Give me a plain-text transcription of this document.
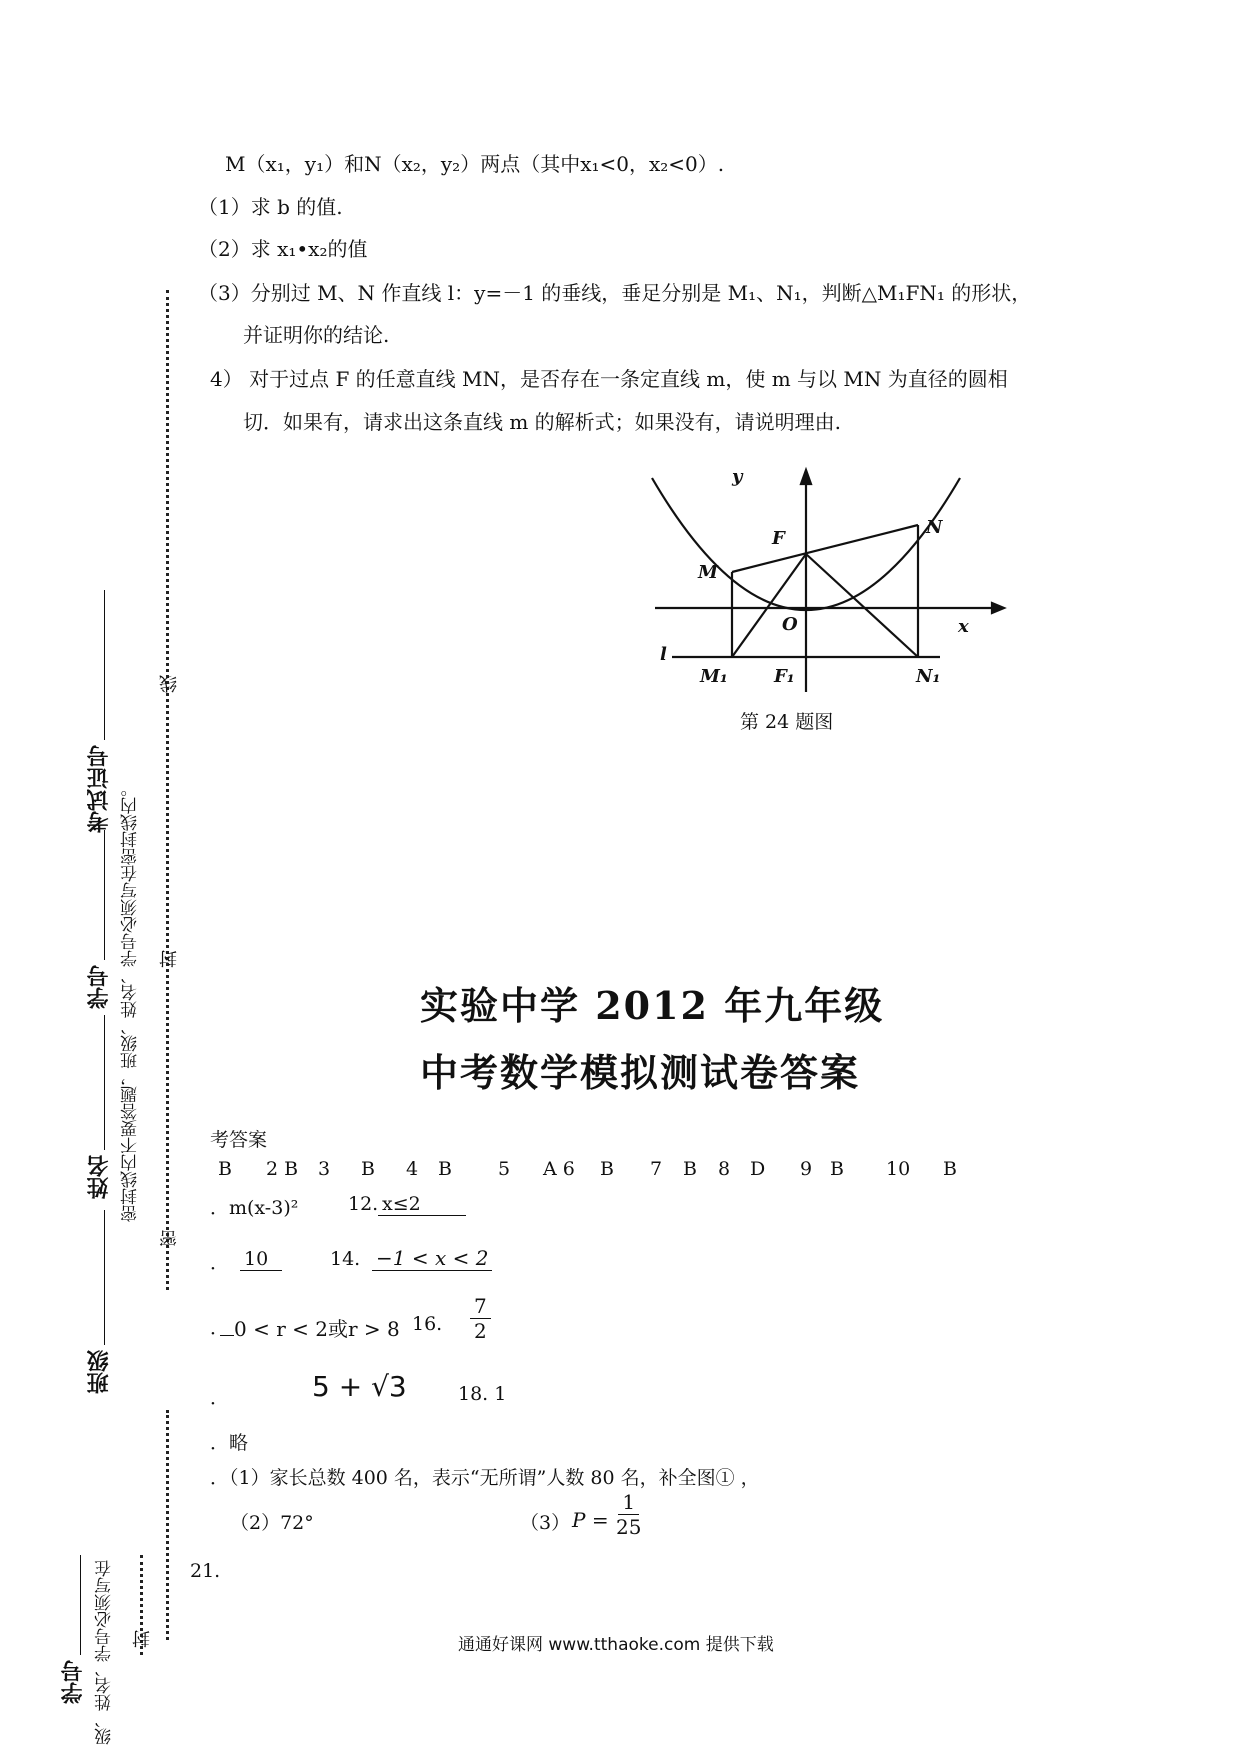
线
封
密
密封线内不要答题，班级、姓名、学号必须写在密封线内。
考试证号
学号
姓名
班级
学号
学号必须写在
级、姓名、
封
M（x₁，y₁）和N（x₂，y₂）两点（其中x₁<0，x₂<0）.
（1）求 b 的值.
（2）求 x₁•x₂的值
（3）分别过 M、N 作直线 l：y=－1 的垂线，垂足分别是 M₁、N₁，判断△M₁FN₁ 的形状，
并证明你的结论.
4） 对于过点 F 的任意直线 MN，是否存在一条定直线 m，使 m 与以 MN 为直径的圆相
切．如果有，请求出这条直线 m 的解析式；如果没有，请说明理由.
y
F
N
M
O	x
l
M₁	F₁	N₁
第 24 题图
实验中学 2012 年九年级
中考数学模拟测试卷答案
考答案
B 2 B 3 B 4 B 5 A 6 B 7 B 8 D 9 B 10 B
．m(x-3)²	12. x≤2
． 10	14. −1 < x < 2
． 0 < r < 2或r > 8 16. $\frac{7}{2}$
．	5 + √3	18. 1
．略
．（1）家长总数 400 名，表示“无所谓”人数 80 名，补全图① ，
（2）72°	（3） $P = \frac{1}{25}$
21.
通通好课网 www.tthaoke.com 提供下载
